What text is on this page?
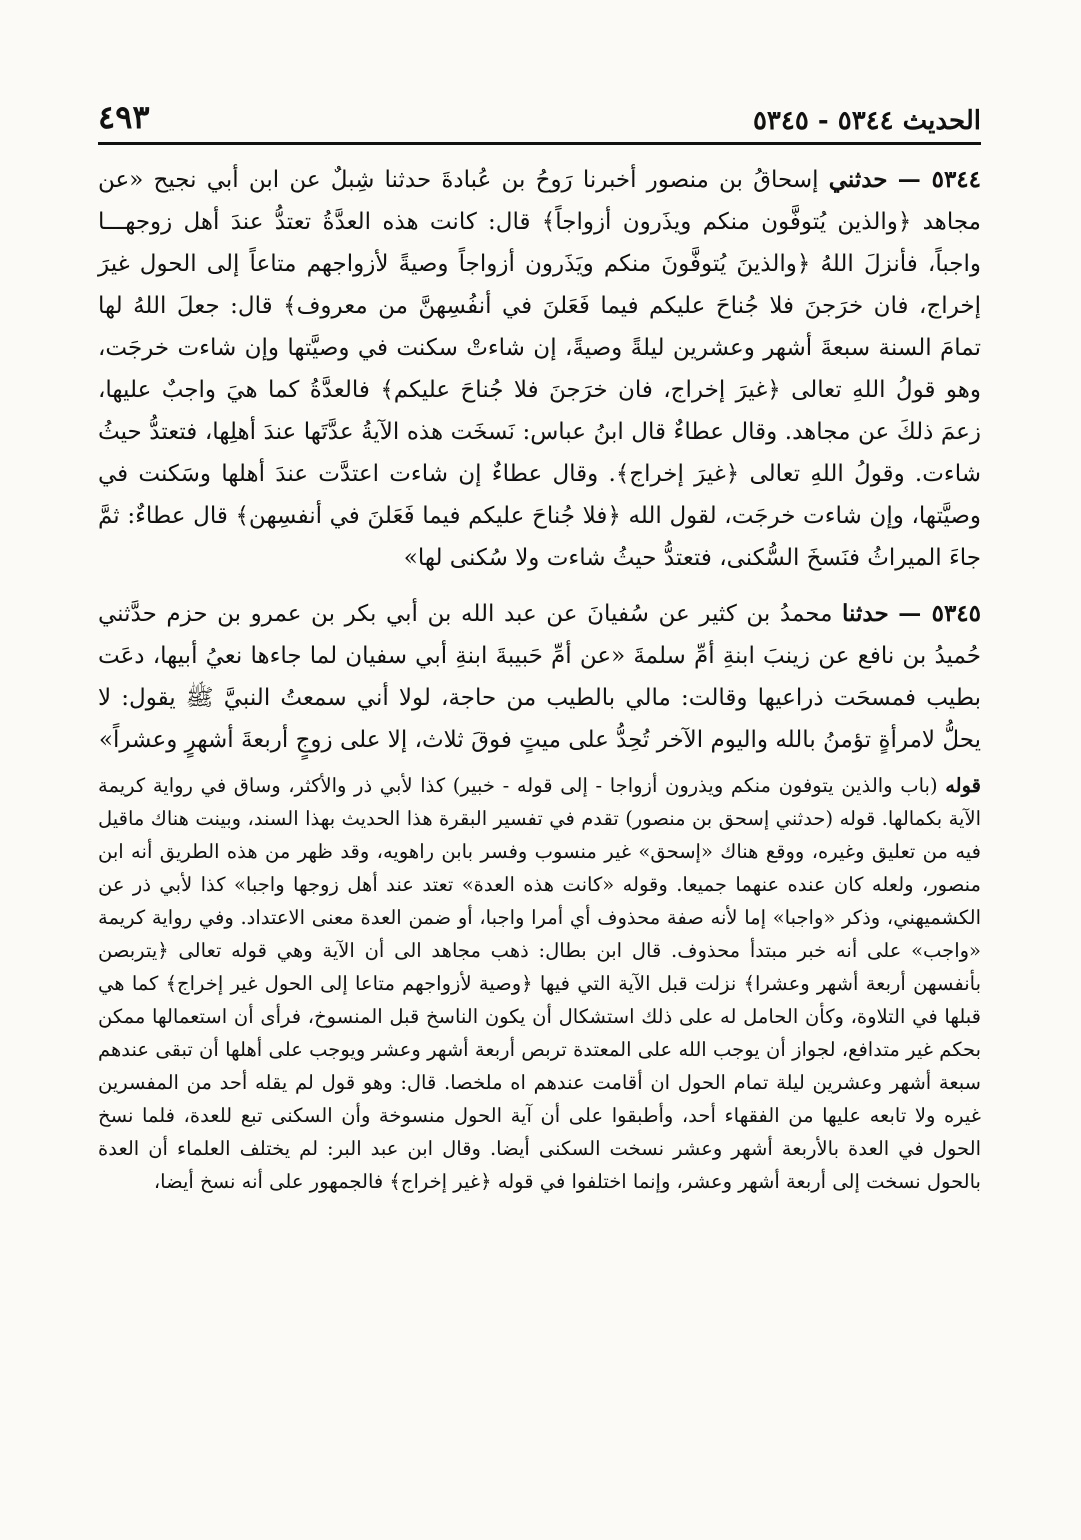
الحديث ٥٣٤٤ - ٥٣٤٥
٤٩٣

٥٣٤٤ — حدثني إسحاقُ بن منصور أخبرنا رَوحُ بن عُبادةَ حدثنا شِبلٌ عن ابن أبي نجيح «عن مجاهد ﴿والذين يُتوفَّون منكم ويذَرون أزواجاً﴾ قال: كانت هذه العدَّةُ تعتدُّ عندَ أهل زوجهـــا واجباً، فأنزلَ اللهُ ﴿والذينَ يُتوفَّونَ منكم ويَذَرون أزواجاً وصيةً لأزواجهم متاعاً إلى الحول غيرَ إخراج، فان خرَجنَ فلا جُناحَ عليكم فيما فَعَلنَ في أنفُسِهنَّ من معروف﴾ قال: جعلَ اللهُ لها تمامَ السنة سبعةَ أشهر وعشرين ليلةً وصيةً، إن شاءتْ سكنت في وصيَّتها وإن شاءت خرجَت، وهو قولُ اللهِ تعالى ﴿غيرَ إخراج، فان خرَجنَ فلا جُناحَ عليكم﴾ فالعدَّةُ كما هيَ واجبٌ عليها، زعمَ ذلكَ عن مجاهد. وقال عطاءٌ قال ابنُ عباس: نَسخَت هذه الآيةُ عدَّتَها عندَ أهلِها، فتعتدُّ حيثُ شاءت. وقولُ اللهِ تعالى ﴿غيرَ إخراج﴾. وقال عطاءٌ إن شاءت اعتدَّت عندَ أهلها وسَكنت في وصيَّتها، وإن شاءت خرجَت، لقول الله ﴿فلا جُناحَ عليكم فيما فَعَلنَ في أنفسِهن﴾ قال عطاءٌ: ثمَّ جاءَ الميراثُ فنَسخَ السُّكنى، فتعتدُّ حيثُ شاءت ولا سُكنى لها»

٥٣٤٥ — حدثنا محمدُ بن كثير عن سُفيانَ عن عبد الله بن أبي بكر بن عمرو بن حزم حدَّثني حُميدُ بن نافع عن زينبَ ابنةِ أمِّ سلمةَ «عن أمِّ حَبيبةَ ابنةِ أبي سفيان لما جاءها نعيُ أبيها، دعَت بطيب فمسحَت ذراعيها وقالت: مالي بالطيب من حاجة، لولا أني سمعتُ النبيَّ ﷺ يقول: لا يحلُّ لامرأةٍ تؤمنُ بالله واليوم الآخر تُحِدُّ على ميتٍ فوقَ ثلاث، إلا على زوجٍ أربعةَ أشهرٍ وعشراً»

قوله (باب والذين يتوفون منكم ويذرون أزواجا - إلى قوله - خبير) كذا لأبي ذر والأكثر، وساق في رواية كريمة الآية بكمالها. قوله (حدثني إسحق بن منصور) تقدم في تفسير البقرة هذا الحديث بهذا السند، وبينت هناك ماقيل فيه من تعليق وغيره، ووقع هناك «إسحق» غير منسوب وفسر بابن راهويه، وقد ظهر من هذه الطريق أنه ابن منصور، ولعله كان عنده عنهما جميعا. وقوله «كانت هذه العدة» تعتد عند أهل زوجها واجبا» كذا لأبي ذر عن الكشميهني، وذكر «واجبا» إما لأنه صفة محذوف أي أمرا واجبا، أو ضمن العدة معنى الاعتداد. وفي رواية كريمة «واجب» على أنه خبر مبتدأ محذوف. قال ابن بطال: ذهب مجاهد الى أن الآية وهي قوله تعالى ﴿يتربصن بأنفسهن أربعة أشهر وعشرا﴾ نزلت قبل الآية التي فيها ﴿وصية لأزواجهم متاعا إلى الحول غير إخراج﴾ كما هي قبلها في التلاوة، وكأن الحامل له على ذلك استشكال أن يكون الناسخ قبل المنسوخ، فرأى أن استعمالها ممكن بحكم غير متدافع، لجواز أن يوجب الله على المعتدة تربص أربعة أشهر وعشر ويوجب على أهلها أن تبقى عندهم سبعة أشهر وعشرين ليلة تمام الحول ان أقامت عندهم اه ملخصا. قال: وهو قول لم يقله أحد من المفسرين غيره ولا تابعه عليها من الفقهاء أحد، وأطبقوا على أن آية الحول منسوخة وأن السكنى تبع للعدة، فلما نسخ الحول في العدة بالأربعة أشهر وعشر نسخت السكنى أيضا. وقال ابن عبد البر: لم يختلف العلماء أن العدة بالحول نسخت إلى أربعة أشهر وعشر، وإنما اختلفوا في قوله ﴿غير إخراج﴾ فالجمهور على أنه نسخ أيضا،
